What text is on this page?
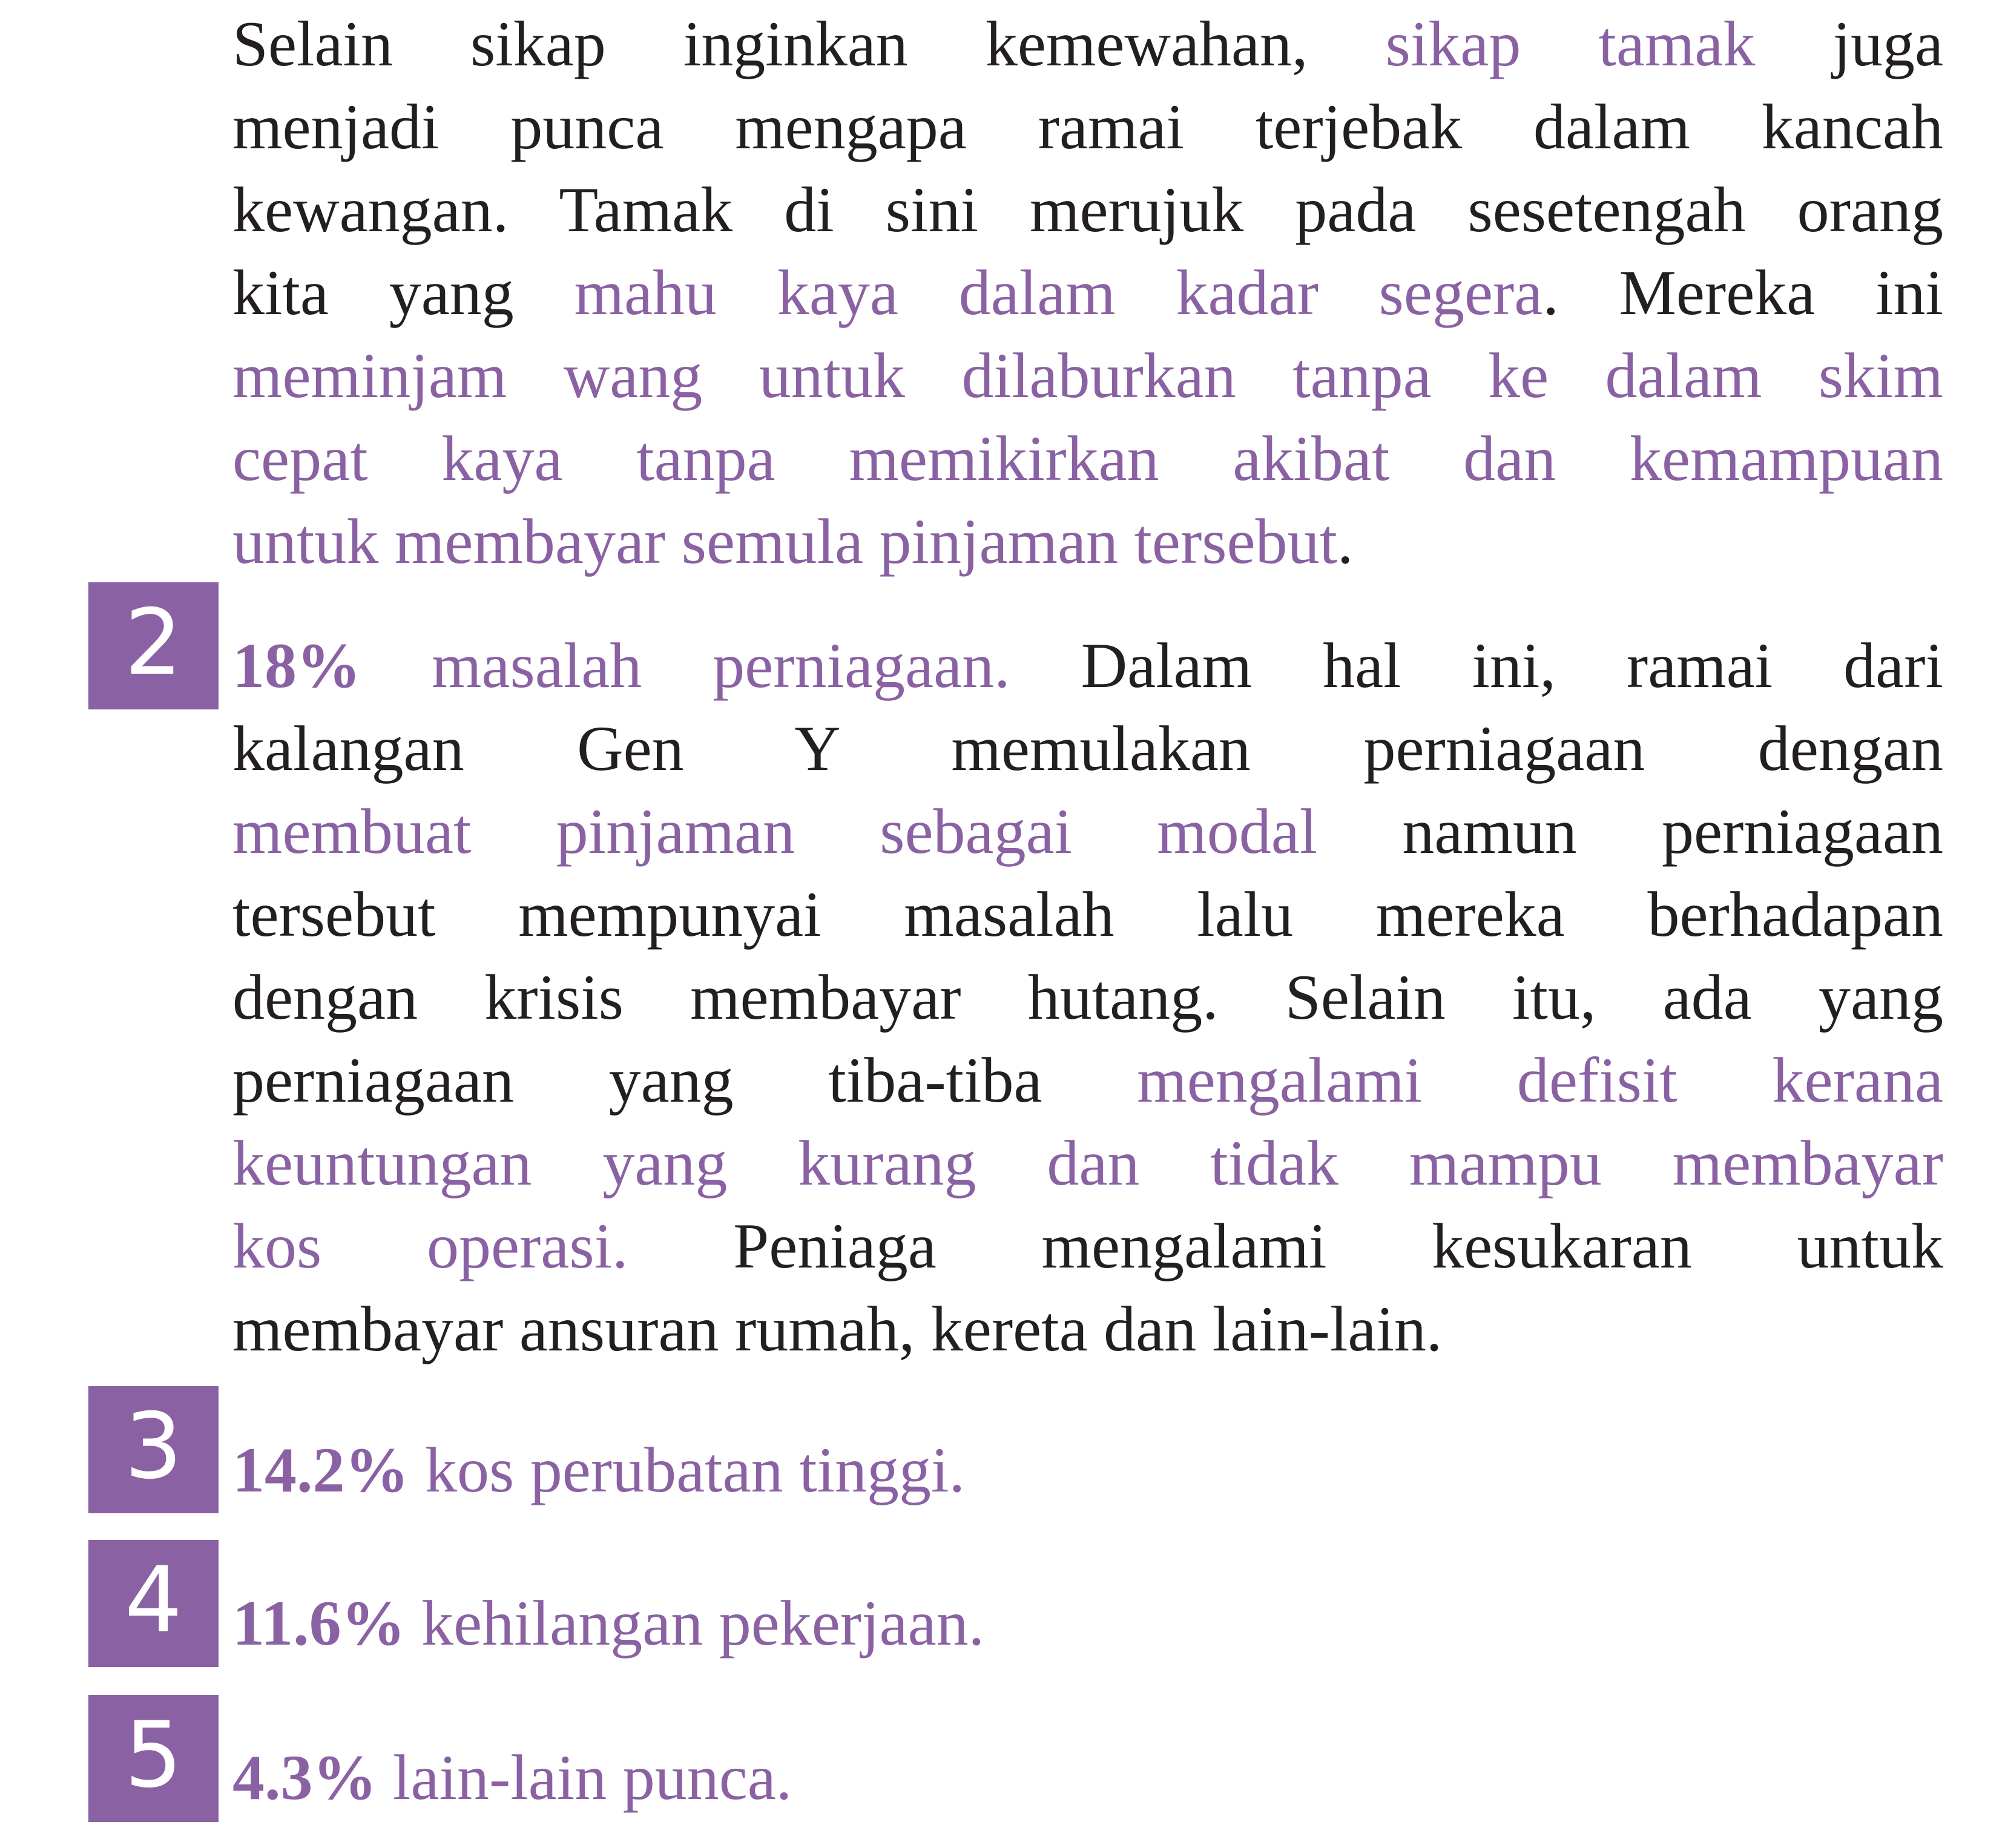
Selain sikap inginkan kemewahan, sikap tamak juga
menjadi punca mengapa ramai terjebak dalam kancah
kewangan. Tamak di sini merujuk pada sesetengah orang
kita yang mahu kaya dalam kadar segera. Mereka ini
meminjam wang untuk dilaburkan tanpa ke dalam skim
cepat kaya tanpa memikirkan akibat dan kemampuan
untuk membayar semula pinjaman tersebut.
2 18% masalah perniagaan. Dalam hal ini, ramai dari
kalangan Gen Y memulakan perniagaan dengan
membuat pinjaman sebagai modal namun perniagaan
tersebut mempunyai masalah lalu mereka berhadapan
dengan krisis membayar hutang. Selain itu, ada yang
perniagaan yang tiba-tiba mengalami defisit kerana
keuntungan yang kurang dan tidak mampu membayar
kos operasi. Peniaga mengalami kesukaran untuk
membayar ansuran rumah, kereta dan lain-lain.
3 14.2% kos perubatan tinggi.
4 11.6% kehilangan pekerjaan.
5 4.3% lain-lain punca.
